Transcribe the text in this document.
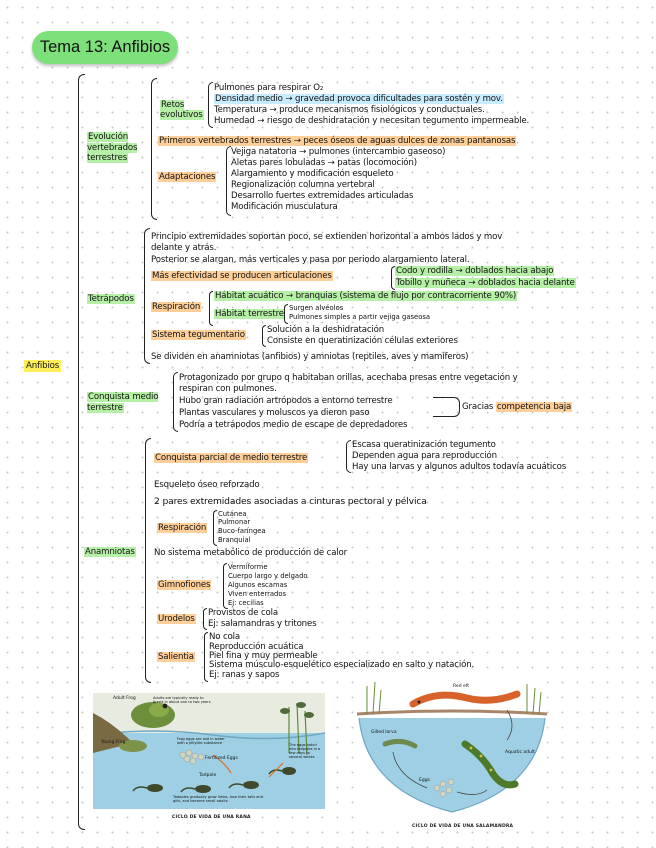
Tema 13: Anfibios
Anfibios
Evolución vertebrados terrestres
Retos evolutivos
Pulmones para respirar O₂
Densidad medio → gravedad provoca dificultades para sostén y mov.
Temperatura → produce mecanismos fisiológicos y conductuales.
Humedad → riesgo de deshidratación y necesitan tegumento impermeable.
Primeros vertebrados terrestres → peces óseos de aguas dulces de zonas pantanosas
Adaptaciones
Vejiga natatoria → pulmones (intercambio gaseoso)
Aletas pares lobuladas → patas (locomoción)
Alargamiento y modificación esqueleto
Regionalización columna vertebral
Desarrollo fuertes extremidades articuladas
Modificación musculatura
Tetrápodos
Principio extremidades soportan poco, se extienden horizontal a ambos lados y mov
delante y atrás.
Posterior se alargan, más verticales y pasa por periodo alargamiento lateral.
Más efectividad se producen articulaciones	Codo y rodilla → doblados hacia abajo
Tobillo y muñeca → doblados hacia delante
Respiración
Hábitat acuático → branquias (sistema de flujo por contracorriente 90%)
Hábitat terrestre
Surgen alvéolos
Pulmones simples a partir vejiga gaseosa
Sistema tegumentario	Solución a la deshidratación
Consiste en queratinización células exteriores
Se dividen en anamniotas (anfibios) y amniotas (reptiles, aves y mamíferos)
Conquista medio terrestre
Protagonizado por grupo q habitaban orillas, acechaba presas entre vegetación y
respiran con pulmones.
Hubo gran radiación artrópodos a entorno terrestre
Plantas vasculares y moluscos ya dieron paso
Podría a tetrápodos medio de escape de depredadores
Gracias competencia baja
Anamniotas
Conquista parcial de medio terrestre
Escasa queratinización tegumento
Dependen agua para reproducción
Hay una larvas y algunos adultos todavía acuáticos
Esqueleto óseo reforzado
2 pares extremidades asociadas a cinturas pectoral y pélvica
Respiración
Cutánea
Pulmonar
Buco-faríngea
Branquial
No sistema metabólico de producción de calor
Gimnofiones
Vermiforme
Cuerpo largo y delgado
Algunos escamas
Viven enterrados
Ej: cecilias
Urodelos
Provistos de cola
Ej: salamandras y tritones
Salientia
No cola
Reproducción acuática
Piel fina y muy permeable
Sistema músculo-esquelético especializado en salto y natación.
Ej: ranas y sapos
Adult Frog	Adults are typically ready to breed in about one to two years
Young Frog
Frog eggs are laid in water with a jellylike substance
Fertilized Eggs
Tadpole
Tadpoles gradually grow limbs, lose their tails and gills, and become small adults
The eggs hatch into tadpoles in a few days to several weeks
CICLO DE VIDA DE UNA RANA
Red eft
Gilled larva
Eggs
Aquatic adult
CICLO DE VIDA DE UNA SALAMANDRA
